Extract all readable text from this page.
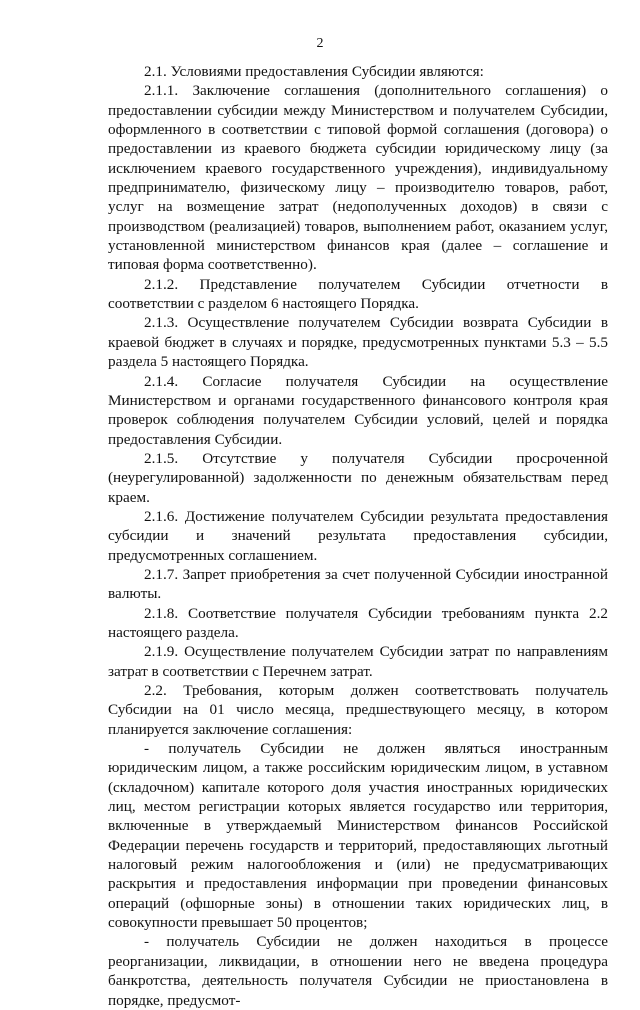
2

2.1. Условиями предоставления Субсидии являются:

2.1.1. Заключение соглашения (дополнительного соглашения) о предоставлении субсидии между Министерством и получателем Субсидии, оформленного в соответствии с типовой формой соглашения (договора) о предоставлении из краевого бюджета субсидии юридическому лицу (за исключением краевого государственного учреждения), индивидуальному предпринимателю, физическому лицу – производителю товаров, работ, услуг на возмещение затрат (недополученных доходов) в связи с производством (реализацией) товаров, выполнением работ, оказанием услуг, установленной министерством финансов края (далее – соглашение и типовая форма соответственно).

2.1.2. Представление получателем Субсидии отчетности в соответствии с разделом 6 настоящего Порядка.

2.1.3. Осуществление получателем Субсидии возврата Субсидии в краевой бюджет в случаях и порядке, предусмотренных пунктами 5.3 – 5.5 раздела 5 настоящего Порядка.

2.1.4. Согласие получателя Субсидии на осуществление Министерством и органами государственного финансового контроля края проверок соблюдения получателем Субсидии условий, целей и порядка предоставления Субсидии.

2.1.5. Отсутствие у получателя Субсидии просроченной (неурегулированной) задолженности по денежным обязательствам перед краем.

2.1.6. Достижение получателем Субсидии результата предоставления субсидии и значений результата предоставления субсидии, предусмотренных соглашением.

2.1.7. Запрет приобретения за счет полученной Субсидии иностранной валюты.

2.1.8. Соответствие получателя Субсидии требованиям пункта 2.2 настоящего раздела.

2.1.9. Осуществление получателем Субсидии затрат по направлениям затрат в соответствии с Перечнем затрат.

2.2. Требования, которым должен соответствовать получатель Субсидии на 01 число месяца, предшествующего месяцу, в котором планируется заключение соглашения:

- получатель Субсидии не должен являться иностранным юридическим лицом, а также российским юридическим лицом, в уставном (складочном) капитале которого доля участия иностранных юридических лиц, местом регистрации которых является государство или территория, включенные в утверждаемый Министерством финансов Российской Федерации перечень государств и территорий, предоставляющих льготный налоговый режим налогообложения и (или) не предусматривающих раскрытия и предоставления информации при проведении финансовых операций (офшорные зоны) в отношении таких юридических лиц, в совокупности превышает 50 процентов;

- получатель Субсидии не должен находиться в процессе реорганизации, ликвидации, в отношении него не введена процедура банкротства, деятельность получателя Субсидии не приостановлена в порядке, предусмот-
